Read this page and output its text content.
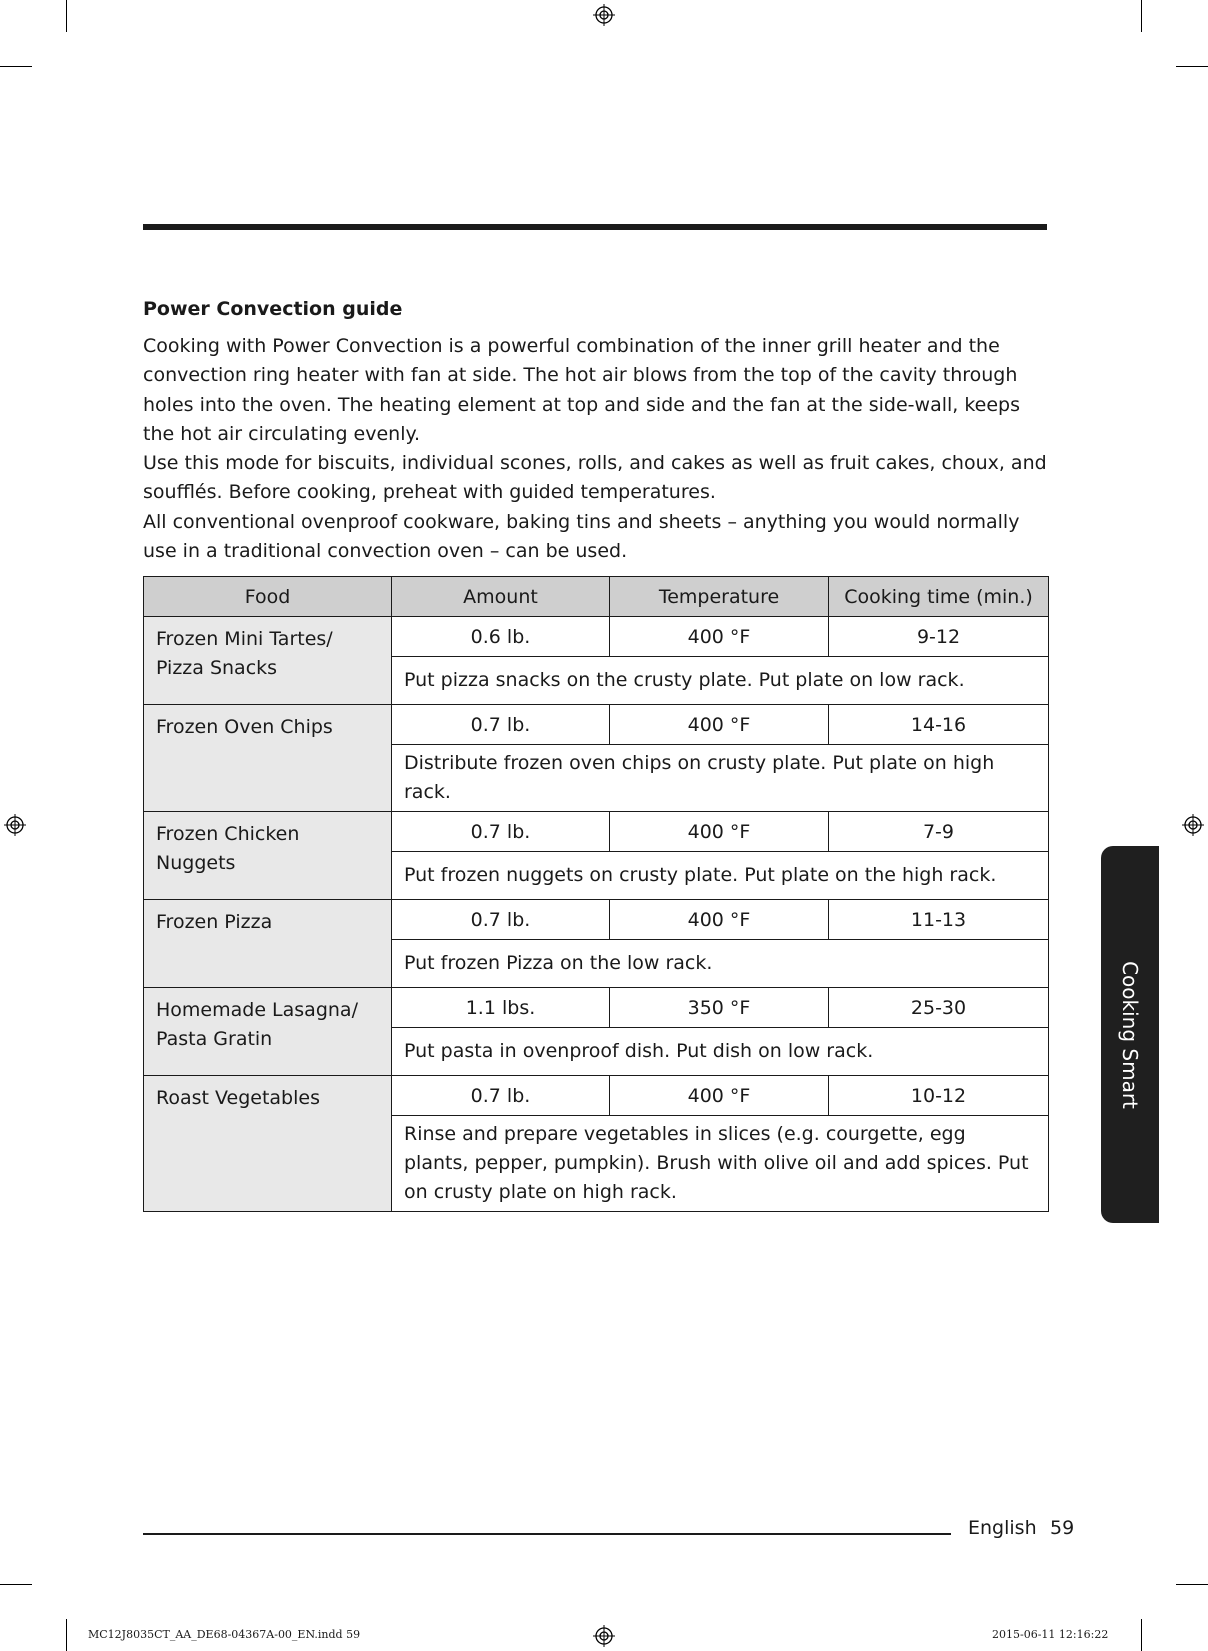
Power Convection guide

Cooking with Power Convection is a powerful combination of the inner grill heater and the convection ring heater with fan at side. The hot air blows from the top of the cavity through holes into the oven. The heating element at top and side and the fan at the side-wall, keeps the hot air circulating evenly.

Use this mode for biscuits, individual scones, rolls, and cakes as well as fruit cakes, choux, and soufflés. Before cooking, preheat with guided temperatures.

All conventional ovenproof cookware, baking tins and sheets – anything you would normally use in a traditional convection oven – can be used.

Food	Amount	Temperature	Cooking time (min.)
Frozen Mini Tartes/ Pizza Snacks	0.6 lb.	400 °F	9-12
	Put pizza snacks on the crusty plate. Put plate on low rack.		
Frozen Oven Chips	0.7 lb.	400 °F	14-16
	Distribute frozen oven chips on crusty plate. Put plate on high rack.		
Frozen Chicken Nuggets	0.7 lb.	400 °F	7-9
	Put frozen nuggets on crusty plate. Put plate on the high rack.		
Frozen Pizza	0.7 lb.	400 °F	11-13
	Put frozen Pizza on the low rack.		
Homemade Lasagna/ Pasta Gratin	1.1 lbs.	350 °F	25-30
	Put pasta in ovenproof dish. Put dish on low rack.		
Roast Vegetables	0.7 lb.	400 °F	10-12
	Rinse and prepare vegetables in slices (e.g. courgette, egg plants, pepper, pumpkin). Brush with olive oil and add spices. Put on crusty plate on high rack.		
Cooking Smart
English 59
MC12J8035CT_AA_DE68-04367A-00_EN.indd 59	2015-06-11 12:16:22
